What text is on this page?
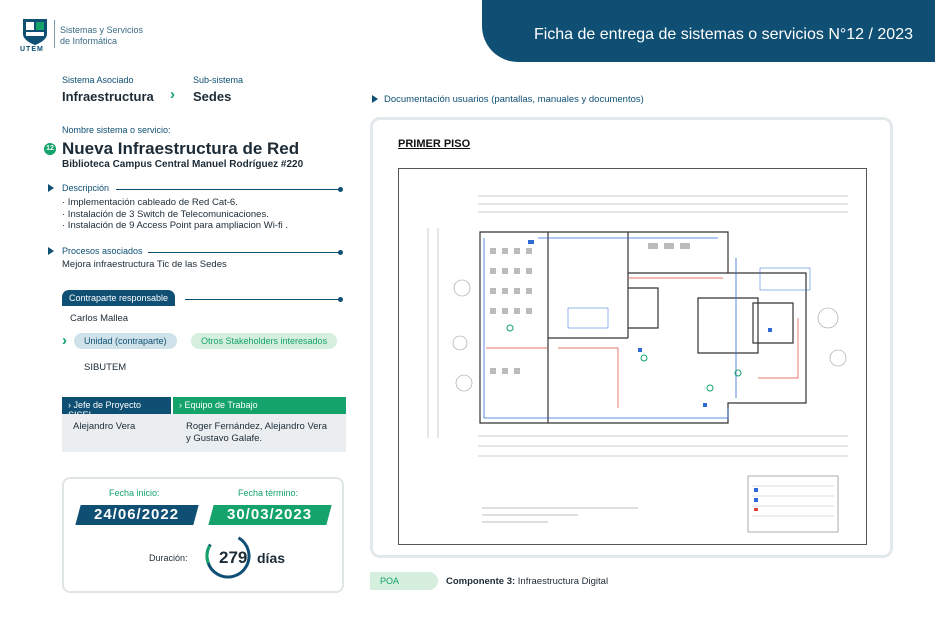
UTEM
Sistemas y Servicios
de Informática	Ficha de entrega de sistemas o servicios N°12 / 2023
Sistema Asociado
Infraestructura ›
Sub-sistema
Sedes
Nombre sistema o servicio:
12 Nueva Infraestructura de Red
Biblioteca Campus Central Manuel Rodríguez #220
Descripción
· Implementación cableado de Red Cat-6.
· Instalación de 3 Switch de Telecomunicaciones.
· Instalación de 9 Access Point para ampliacion Wi-fi .
Procesos asociados
Mejora infraestructura Tic de las Sedes
Contraparte responsable
Carlos Mallea
›	Unidad (contraparte)	Otros Stakeholders interesados
SIBUTEM
› Jefe de Proyecto	› Equipo de Trabajo
Alejandro Vera	Roger Fernández, Alejandro Vera
y Gustavo Galafe.
Fecha inicio:
24/06/2022
Fecha término:
30/03/2023
Duración: 279 días
Documentación usuarios (pantallas, manuales y documentos)
PRIMER PISO
POA	Componente 3: Infraestructura Digital
